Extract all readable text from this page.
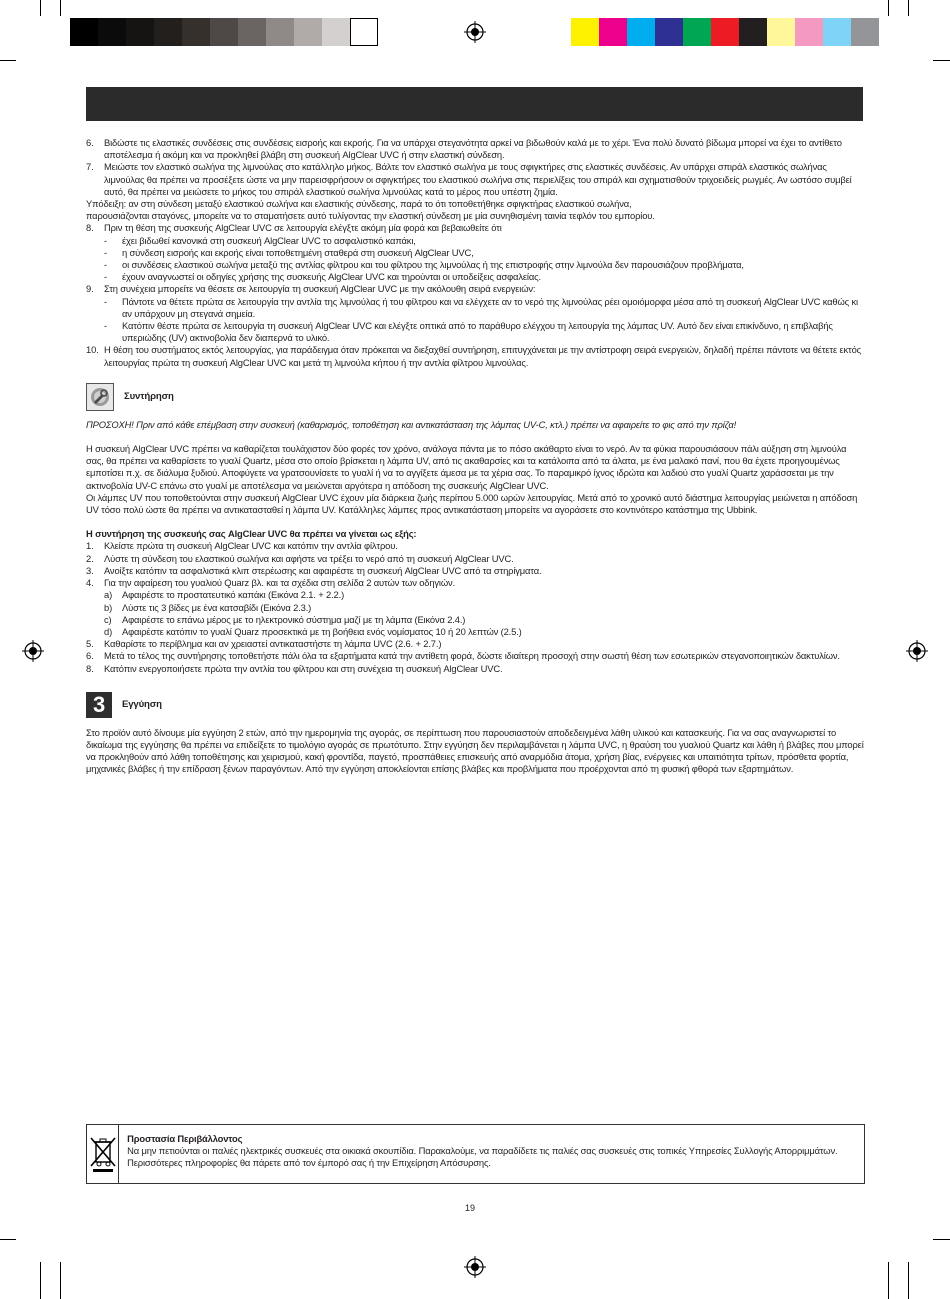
6. Βιδώστε τις ελαστικές συνδέσεις στις συνδέσεις εισροής και εκροής. Για να υπάρχει στεγανότητα αρκεί να βιδωθούν καλά με το χέρι. Ένα πολύ δυνατό βίδωμα μπορεί να έχει το αντίθετο αποτέλεσμα ή ακόμη και να προκληθεί βλάβη στη συσκευή AlgClear UVC ή στην ελαστική σύνδεση.
7. Μειώστε τον ελαστικό σωλήνα της λιμνούλας στο κατάλληλο μήκος. Βάλτε τον ελαστικό σωλήνα με τους σφιγκτήρες στις ελαστικές συνδέσεις. Αν υπάρχει σπιράλ ελαστικός σωλήνας λιμνούλας θα πρέπει να προσέξετε ώστε να μην παρεισφρήσουν οι σφιγκτήρες του ελαστικού σωλήνα στις περιελίξεις του σπιράλ και σχηματισθούν τριχοειδείς ρωγμές. Αν ωστόσο συμβεί αυτό, θα πρέπει να μειώσετε το μήκος του σπιράλ ελαστικού σωλήνα λιμνούλας κατά το μέρος που υπέστη ζημία.

Υπόδειξη: αν στη σύνδεση μεταξύ ελαστικού σωλήνα και ελαστικής σύνδεσης, παρά το ότι τοποθετήθηκε σφιγκτήρας ελαστικού σωλήνα,

παρουσιάζονται σταγόνες, μπορείτε να το σταματήσετε αυτό τυλίγοντας την ελαστική σύνδεση με μία συνηθισμένη ταινία τεφλόν του εμπορίου.

8. Πριν τη θέση της συσκευής AlgClear UVC σε λειτουργία ελέγξτε ακόμη μία φορά και βεβαιωθείτε ότι
- έχει βιδωθεί κανονικά στη συσκευή AlgClear UVC το ασφαλιστικό καπάκι,
- η σύνδεση εισροής και εκροής είναι τοποθετημένη σταθερά στη συσκευή AlgClear UVC,
- οι συνδέσεις ελαστικού σωλήνα μεταξύ της αντλίας φίλτρου και του φίλτρου της λιμνούλας ή της επιστροφής στην λιμνούλα δεν παρουσιάζουν προβλήματα,
- έχουν αναγνωστεί οι οδηγίες χρήσης της συσκευής AlgClear UVC και τηρούνται οι υποδείξεις ασφαλείας.
9. Στη συνέχεια μπορείτε να θέσετε σε λειτουργία τη συσκευή AlgClear UVC με την ακόλουθη σειρά ενεργειών:
- Πάντοτε να θέτετε πρώτα σε λειτουργία την αντλία της λιμνούλας ή του φίλτρου και να ελέγχετε αν το νερό της λιμνούλας ρέει ομοιόμορφα μέσα από τη συσκευή AlgClear UVC καθώς κι αν υπάρχουν μη στεγανά σημεία.
- Κατόπιν θέστε πρώτα σε λειτουργία τη συσκευή AlgClear UVC και ελέγξτε οπτικά από το παράθυρο ελέγχου τη λειτουργία της λάμπας UV. Αυτό δεν είναι επικίνδυνο, η επιβλαβής υπεριώδης (UV) ακτινοβολία δεν διαπερνά το υλικό.
10. Η θέση του συστήματος εκτός λειτουργίας, για παράδειγμα όταν πρόκειται να διεξαχθεί συντήρηση, επιτυγχάνεται με την αντίστροφη σειρά ενεργειών, δηλαδή πρέπει πάντοτε να θέτετε εκτός λειτουργίας πρώτα τη συσκευή AlgClear UVC και μετά τη λιμνούλα κήπου ή την αντλία φίλτρου λιμνούλας.
Συντήρηση

ΠΡΟΣΟΧΗ! Πριν από κάθε επέμβαση στην συσκευή (καθαρισμός, τοποθέτηση και αντικατάσταση της λάμπας UV-C, κτλ.) πρέπει να αφαιρείτε το φις από την πρίζα!

Η συσκευή AlgClear UVC πρέπει να καθαρίζεται τουλάχιστον δύο φορές τον χρόνο, ανάλογα πάντα με το πόσο ακάθαρτο είναι το νερό. Αν τα φύκια παρουσιάσουν πάλι αύξηση στη λιμνούλα σας, θα πρέπει να καθαρίσετε το γυαλί Quartz, μέσα στο οποίο βρίσκεται η λάμπα UV, από τις ακαθαρσίες και τα κατάλοιπα από τα άλατα, με ένα μαλακό πανί, που θα έχετε προηγουμένως εμποτίσει π.χ. σε διάλυμα ξυδιού. Αποφύγετε να γρατσουνίσετε το γυαλί ή να το αγγίξετε άμεσα με τα χέρια σας. Το παραμικρό ίχνος ιδρώτα και λαδιού στο γυαλί Quartz χαράσσεται με την ακτινοβολία UV-C επάνω στο γυαλί με αποτέλεσμα να μειώνεται αργότερα η απόδοση της συσκευής AlgClear UVC.

Οι λάμπες UV που τοποθετούνται στην συσκευή AlgClear UVC έχουν μία διάρκεια ζωής περίπου 5.000 ωρών λειτουργίας. Μετά από το χρονικό αυτό διάστημα λειτουργίας μειώνεται η απόδοση UV τόσο πολύ ώστε θα πρέπει να αντικατασταθεί η λάμπα UV. Κατάλληλες λάμπες προς αντικατάσταση μπορείτε να αγοράσετε στο κοντινότερο κατάστημα της Ubbink.

Η συντήρηση της συσκευής σας AlgClear UVC θα πρέπει να γίνεται ως εξής:

1. Κλείστε πρώτα τη συσκευή AlgClear UVC και κατόπιν την αντλία φίλτρου.
2. Λύστε τη σύνδεση του ελαστικού σωλήνα και αφήστε να τρέξει το νερό από τη συσκευή AlgClear UVC.
3. Ανοίξτε κατόπιν τα ασφαλιστικά κλιπ στερέωσης και αφαιρέστε τη συσκευή AlgClear UVC από τα στηρίγματα.
4. Για την αφαίρεση του γυαλιού Quarz βλ. και τα σχέδια στη σελίδα 2 αυτών των οδηγιών.
a) Αφαιρέστε το προστατευτικό καπάκι (Εικόνα 2.1. + 2.2.)
b) Λύστε τις 3 βίδες με ένα κατσαβίδι (Εικόνα 2.3.)
c) Αφαιρέστε το επάνω μέρος με το ηλεκτρονικό σύστημα μαζί με τη λάμπα (Εικόνα 2.4.)
d) Αφαιρέστε κατόπιν το γυαλί Quarz προσεκτικά με τη βοήθεια ενός νομίσματος 10 ή 20 λεπτών (2.5.)
5. Καθαρίστε το περίβλημα και αν χρειαστεί αντικαταστήστε τη λάμπα UVC (2.6. + 2.7.)
6. Μετά το τέλος της συντήρησης τοποθετήστε πάλι όλα τα εξαρτήματα κατά την αντίθετη φορά, δώστε ιδιαίτερη προσοχή στην σωστή θέση των εσωτερικών στεγανοποιητικών δακτυλίων.
8. Κατόπιν ενεργοποιήσετε πρώτα την αντλία του φίλτρου και στη συνέχεια τη συσκευή AlgClear UVC.
3	Εγγύηση

Στο προϊόν αυτό δίνουμε μία εγγύηση 2 ετών, από την ημερομηνία της αγοράς, σε περίπτωση που παρουσιαστούν αποδεδειγμένα λάθη υλικού και κατασκευής. Για να σας αναγνωριστεί το δικαίωμα της εγγύησης θα πρέπει να επιδείξετε το τιμολόγιο αγοράς σε πρωτότυπο. Στην εγγύηση δεν περιλαμβάνεται η λάμπα UVC, η θραύση του γυαλιού Quartz και λάθη ή βλάβες που μπορεί να προκληθούν από λάθη τοποθέτησης και χειρισμού, κακή φροντίδα, παγετό, προσπάθειες επισκευής από αναρμόδια άτομα, χρήση βίας, ενέργειες και υπαιτιότητα τρίτων, πρόσθετα φορτία, μηχανικές βλάβες ή την επίδραση ξένων παραγόντων. Από την εγγύηση αποκλείονται επίσης βλάβες και προβλήματα που προέρχονται από τη φυσική φθορά των εξαρτημάτων.

Προστασία Περιβάλλοντος
Να μην πετιούνται οι παλιές ηλεκτρικές συσκευές στα οικιακά σκουπίδια. Παρακαλούμε, να παραδίδετε τις παλιές σας συσκευές στις τοπικές Υπηρεσίες Συλλογής Απορριμμάτων. Περισσότερες πληροφορίες θα πάρετε από τον έμπορό σας ή την Επιχείρηση Απόσυρσης.
19
